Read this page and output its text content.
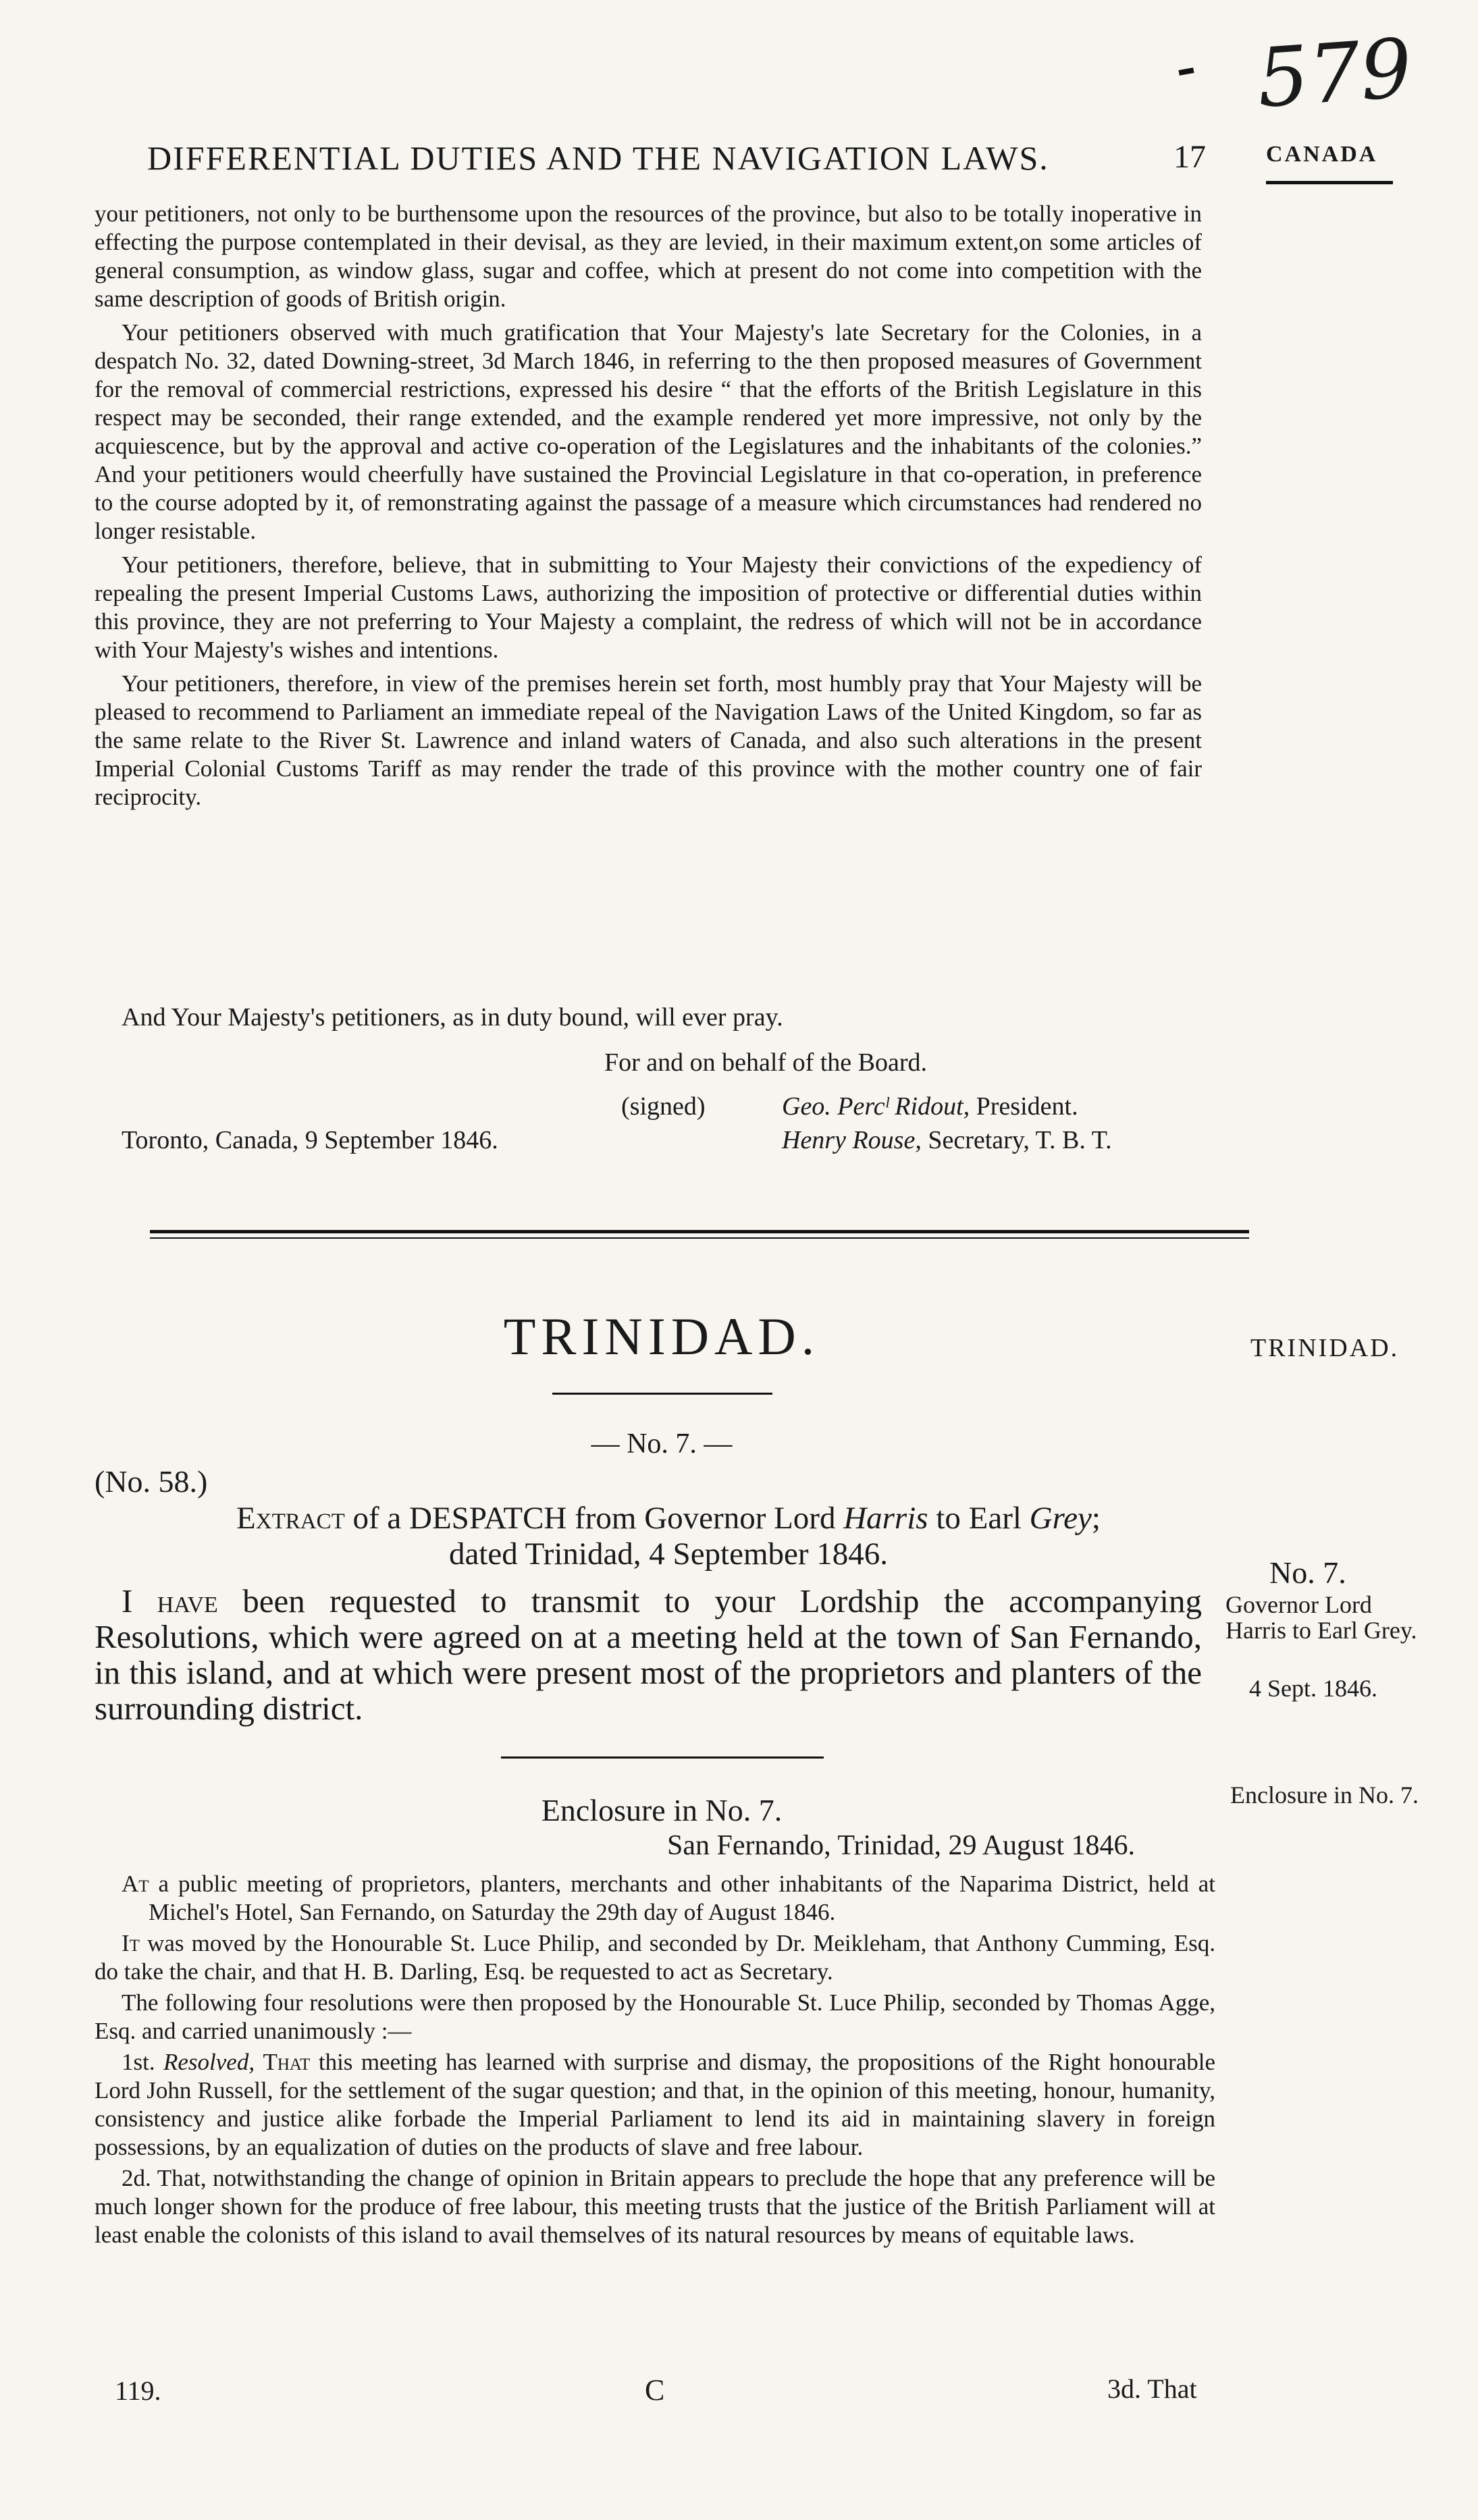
579
DIFFERENTIAL DUTIES AND THE NAVIGATION LAWS.	17	CANADA

your petitioners, not only to be burthensome upon the resources of the province, but also to be totally inoperative in effecting the purpose contemplated in their devisal, as they are levied, in their maximum extent,on some articles of general consumption, as window glass, sugar and coffee, which at present do not come into competition with the same description of goods of British origin.

Your petitioners observed with much gratification that Your Majesty's late Secretary for the Colonies, in a despatch No. 32, dated Downing-street, 3d March 1846, in referring to the then proposed measures of Government for the removal of commercial restrictions, expressed his desire “ that the efforts of the British Legislature in this respect may be seconded, their range extended, and the example rendered yet more impressive, not only by the acquiescence, but by the approval and active co-operation of the Legislatures and the inhabitants of the colonies.” And your petitioners would cheerfully have sustained the Provincial Legislature in that co-operation, in preference to the course adopted by it, of remonstrating against the passage of a measure which circumstances had rendered no longer resistable.

Your petitioners, therefore, believe, that in submitting to Your Majesty their convictions of the expediency of repealing the present Imperial Customs Laws, authorizing the imposition of protective or differential duties within this province, they are not preferring to Your Majesty a complaint, the redress of which will not be in accordance with Your Majesty's wishes and intentions.

Your petitioners, therefore, in view of the premises herein set forth, most humbly pray that Your Majesty will be pleased to recommend to Parliament an immediate repeal of the Navigation Laws of the United Kingdom, so far as the same relate to the River St. Lawrence and inland waters of Canada, and also such alterations in the present Imperial Colonial Customs Tariff as may render the trade of this province with the mother country one of fair reciprocity.

And Your Majesty's petitioners, as in duty bound, will ever pray.
For and on behalf of the Board.
(signed)	Geo. Percˡ Ridout, President.
Toronto, Canada, 9 September 1846.	Henry Rouse, Secretary, T. B. T.
TRINIDAD.	TRINIDAD.
— No. 7. —
(No. 58.)
Extract of a DESPATCH from Governor Lord Harris to Earl Grey;
dated Trinidad, 4 September 1846.

I have been requested to transmit to your Lordship the accompanying Resolutions, which were agreed on at a meeting held at the town of San Fernando, in this island, and at which were present most of the proprietors and planters of the surrounding district.

No. 7.
Governor Lord Harris to Earl Grey.
4 Sept. 1846.
Enclosure in No. 7.	Enclosure in No. 7.
San Fernando, Trinidad, 29 August 1846.

At a public meeting of proprietors, planters, merchants and other inhabitants of the Naparima District, held at Michel's Hotel, San Fernando, on Saturday the 29th day of August 1846.

It was moved by the Honourable St. Luce Philip, and seconded by Dr. Meikleham, that Anthony Cumming, Esq. do take the chair, and that H. B. Darling, Esq. be requested to act as Secretary.

The following four resolutions were then proposed by the Honourable St. Luce Philip, seconded by Thomas Agge, Esq. and carried unanimously :—

1st. Resolved, That this meeting has learned with surprise and dismay, the propositions of the Right honourable Lord John Russell, for the settlement of the sugar question; and that, in the opinion of this meeting, honour, humanity, consistency and justice alike forbade the Imperial Parliament to lend its aid in maintaining slavery in foreign possessions, by an equalization of duties on the products of slave and free labour.

2d. That, notwithstanding the change of opinion in Britain appears to preclude the hope that any preference will be much longer shown for the produce of free labour, this meeting trusts that the justice of the British Parliament will at least enable the colonists of this island to avail themselves of its natural resources by means of equitable laws.

119.	C	3d. That
